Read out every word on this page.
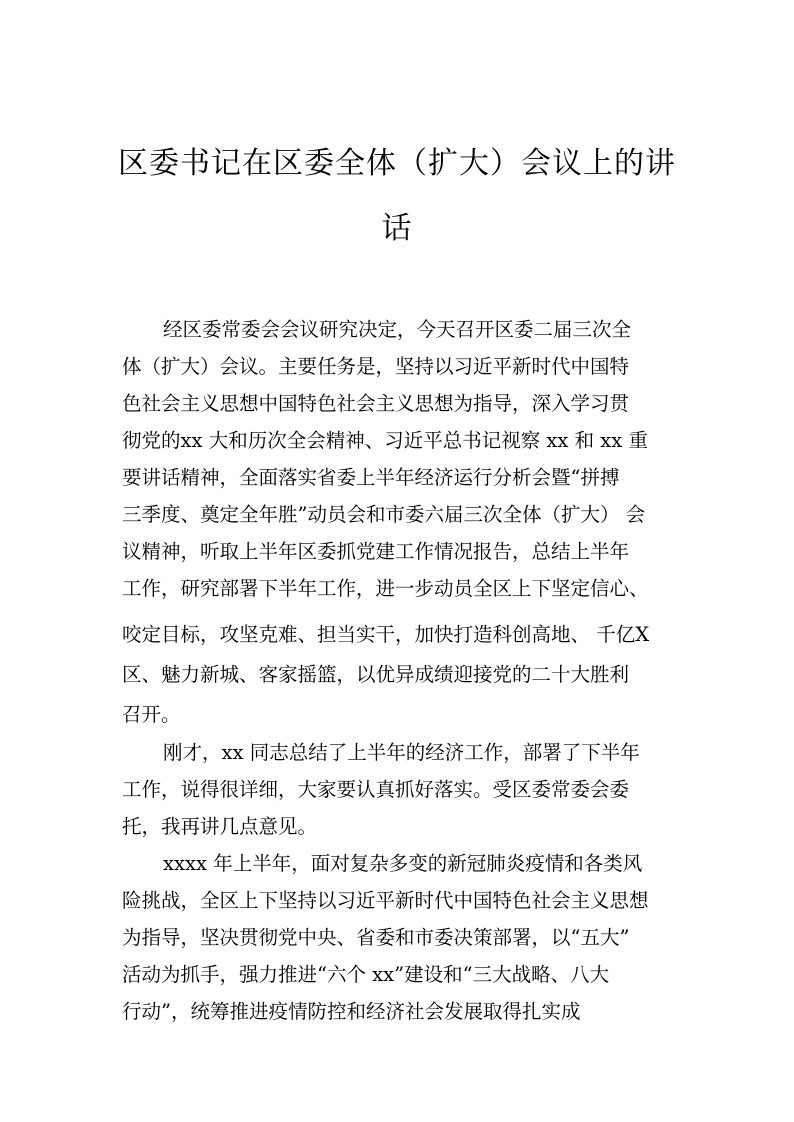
区委书记在区委全体（扩大）会议上的讲
话

经区委常委会会议研究决定，今天召开区委二届三次全

体（扩大）会议。主要任务是，坚持以习近平新时代中国特

色社会主义思想中国特色社会主义思想为指导，深入学习贯

彻党的xx 大和历次全会精神、习近平总书记视察 xx 和 xx 重

要讲话精神，全面落实省委上半年经济运行分析会暨“拼搏

三季度、奠定全年胜”动员会和市委六届三次全体（扩大） 会

议精神，听取上半年区委抓党建工作情况报告，总结上半年

工作，研究部署下半年工作，进一步动员全区上下坚定信心、

咬定目标，攻坚克难、担当实干，加快打造科创高地、 千亿X

区、魅力新城、客家摇篮，以优异成绩迎接党的二十大胜利

召开。

刚才，xx 同志总结了上半年的经济工作，部署了下半年

工作，说得很详细，大家要认真抓好落实。受区委常委会委

托，我再讲几点意见。

xxxx 年上半年，面对复杂多变的新冠肺炎疫情和各类风

险挑战，全区上下坚持以习近平新时代中国特色社会主义思想

为指导，坚决贯彻党中央、省委和市委决策部署，以“五大”

活动为抓手，强力推进“六个 xx”建设和“三大战略、八大

行动”，统筹推进疫情防控和经济社会发展取得扎实成
